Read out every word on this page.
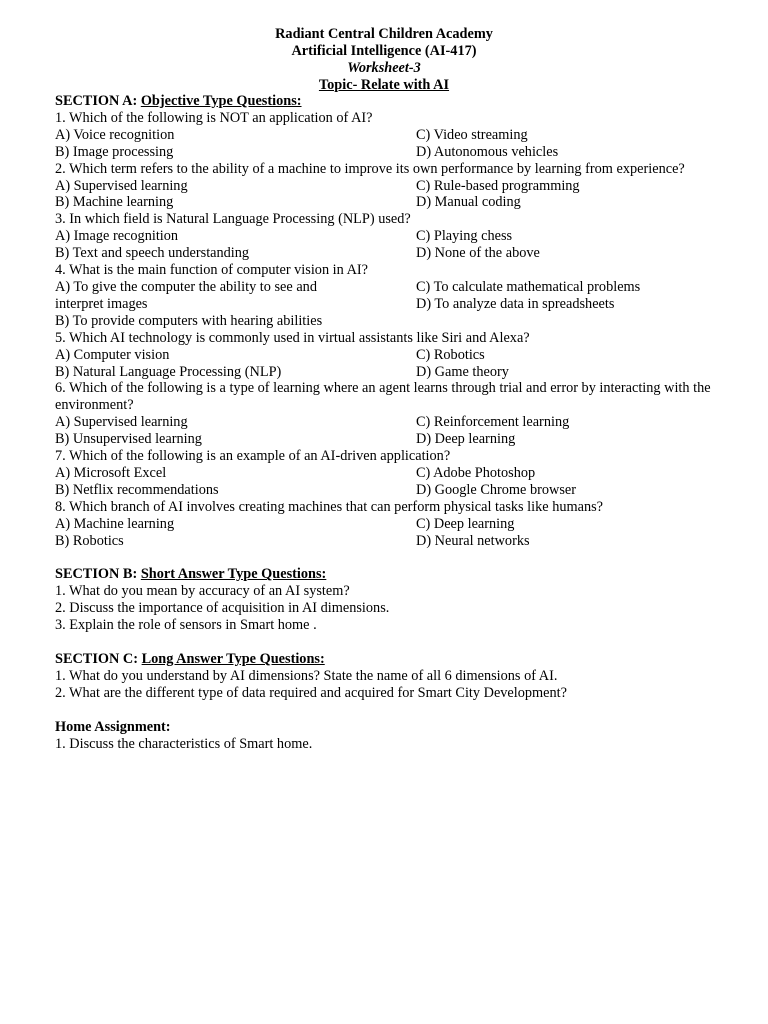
Radiant Central Children Academy
Artificial Intelligence (AI-417)
Worksheet-3
Topic- Relate with AI
SECTION A: Objective Type Questions:
1. Which of the following is NOT an application of AI?
A) Voice recognition	C) Video streaming
B) Image processing	D) Autonomous vehicles
2. Which term refers to the ability of a machine to improve its own performance by learning from experience?
A) Supervised learning	C) Rule-based programming
B) Machine learning	D) Manual coding
3. In which field is Natural Language Processing (NLP) used?
A) Image recognition	C) Playing chess
B) Text and speech understanding	D) None of the above
4. What is the main function of computer vision in AI?
A) To give the computer the ability to see and	C) To calculate mathematical problems
interpret images	D) To analyze data in spreadsheets
B) To provide computers with hearing abilities
5. Which AI technology is commonly used in virtual assistants like Siri and Alexa?
A) Computer vision	C) Robotics
B) Natural Language Processing (NLP)	D) Game theory
6. Which of the following is a type of learning where an agent learns through trial and error by interacting with the environment?
A) Supervised learning	C) Reinforcement learning
B) Unsupervised learning	D) Deep learning
7. Which of the following is an example of an AI-driven application?
A) Microsoft Excel	C) Adobe Photoshop
B) Netflix recommendations	D) Google Chrome browser
8. Which branch of AI involves creating machines that can perform physical tasks like humans?
A) Machine learning	C) Deep learning
B) Robotics	D) Neural networks
SECTION B: Short Answer Type Questions:
1. What do you mean by accuracy of an AI system?
2. Discuss the importance of acquisition in AI dimensions.
3. Explain the role of sensors in Smart home .
SECTION C: Long Answer Type Questions:
1. What do you understand by AI dimensions? State the name of all 6 dimensions of AI.
2. What are the different type of data required and acquired for Smart City Development?
Home Assignment:
1. Discuss the characteristics of Smart home.
